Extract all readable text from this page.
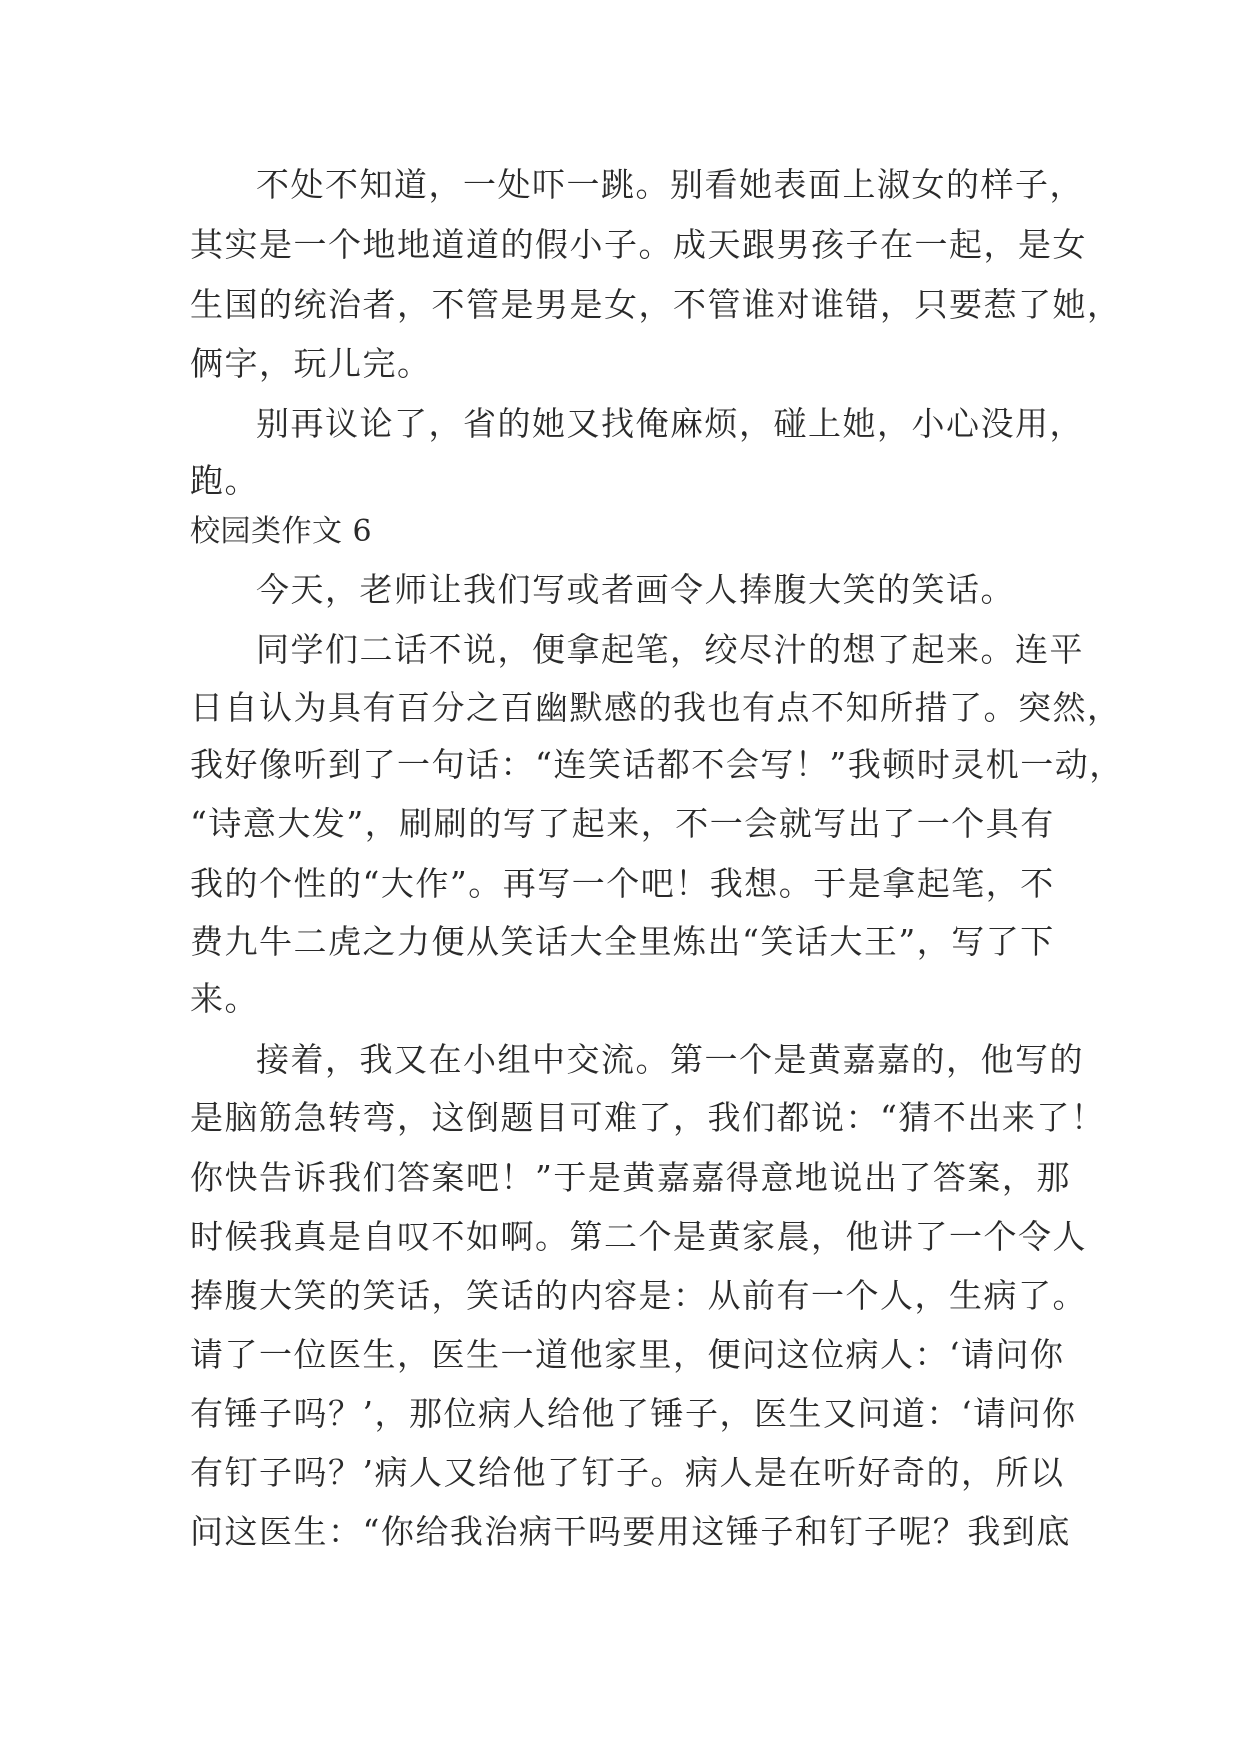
不处不知道，一处吓一跳。别看她表面上淑女的样子，
其实是一个地地道道的假小子。成天跟男孩子在一起，是女
生国的统治者，不管是男是女，不管谁对谁错，只要惹了她，
俩字，玩儿完。
别再议论了，省的她又找俺麻烦，碰上她，小心没用，
跑。
校园类作文 6
今天，老师让我们写或者画令人捧腹大笑的笑话。
同学们二话不说，便拿起笔，绞尽汁的想了起来。连平
日自认为具有百分之百幽默感的我也有点不知所措了。突然，
我好像听到了一句话：“连笑话都不会写！”我顿时灵机一动，
“诗意大发”，刷刷的写了起来，不一会就写出了一个具有
我的个性的“大作”。再写一个吧！我想。于是拿起笔，不
费九牛二虎之力便从笑话大全里炼出“笑话大王”，写了下
来。
接着，我又在小组中交流。第一个是黄嘉嘉的，他写的
是脑筋急转弯，这倒题目可难了，我们都说：“猜不出来了！
你快告诉我们答案吧！”于是黄嘉嘉得意地说出了答案，那
时候我真是自叹不如啊。第二个是黄家晨，他讲了一个令人
捧腹大笑的笑话，笑话的内容是：从前有一个人，生病了。
请了一位医生，医生一道他家里，便问这位病人：‘请问你
有锤子吗？’，那位病人给他了锤子，医生又问道：‘请问你
有钉子吗？’病人又给他了钉子。病人是在听好奇的，所以
问这医生：“你给我治病干吗要用这锤子和钉子呢？我到底
